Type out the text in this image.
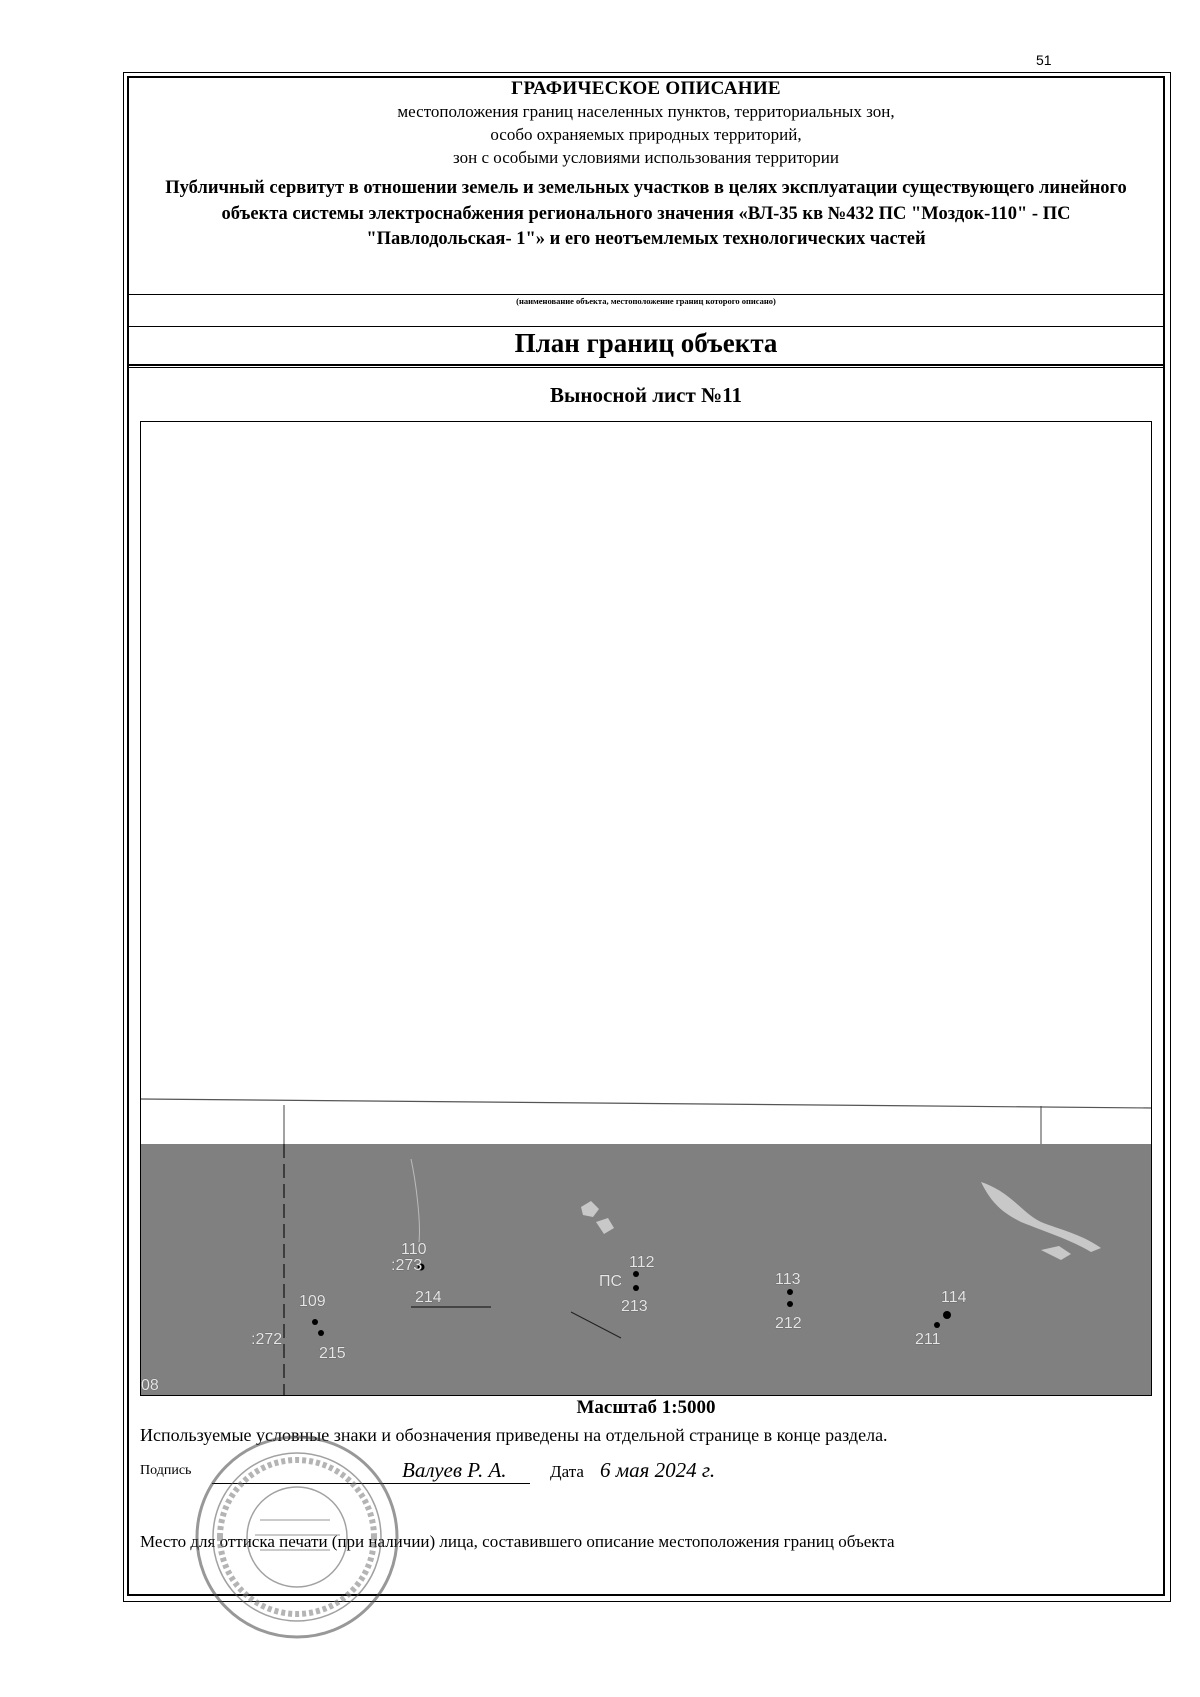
51
ГРАФИЧЕСКОЕ ОПИСАНИЕ
местоположения границ населенных пунктов, территориальных зон,
особо охраняемых природных территорий,
зон с особыми условиями использования территории
Публичный сервитут в отношении земель и земельных участков в целях эксплуатации существующего линейного объекта системы электроснабжения регионального значения «ВЛ-35 кв №432 ПС "Моздок-110" - ПС "Павлодольская- 1"» и его неотъемлемых технологических частей
(наименование объекта, местоположение границ которого описано)
План границ объекта
Выносной лист №11
110
:273
214
109
:272
215
112
ПС
213
113
212
114
211
08
Масштаб 1:5000
Используемые условные знаки и обозначения приведены на отдельной странице в конце раздела.
Подпись	Валуев Р. А.	Дата 6 мая 2024 г.
Место для оттиска печати (при наличии) лица, составившего описание местоположения границ объекта
